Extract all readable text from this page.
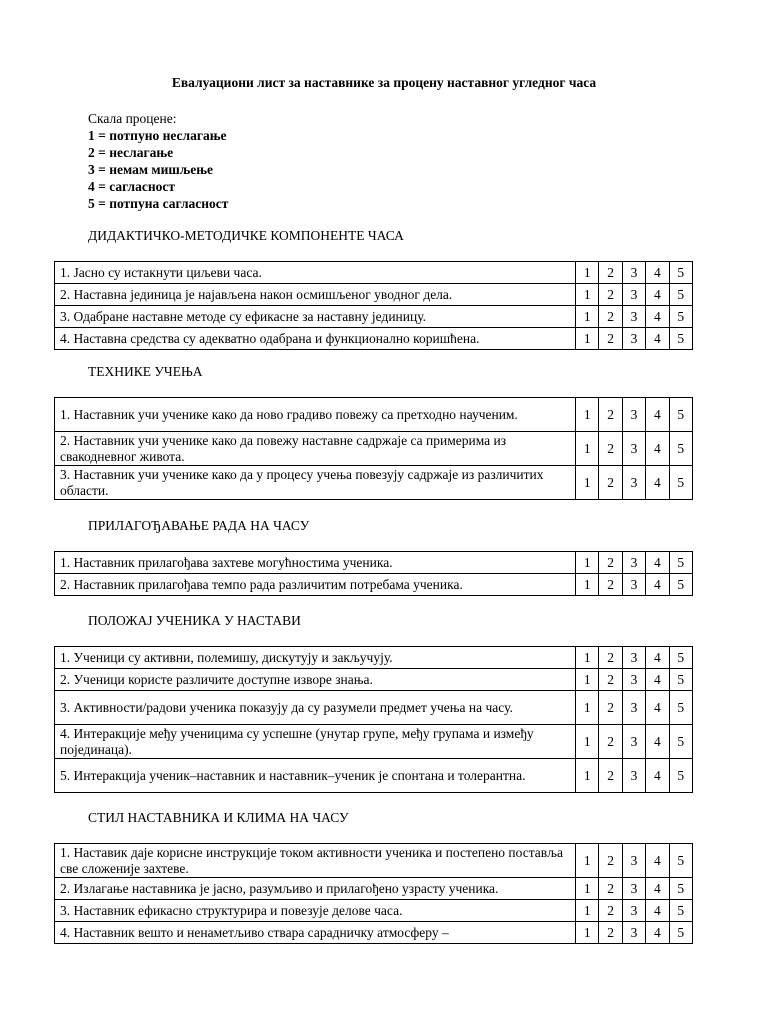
Евалуациони лист за наставнике за процену наставног угледног часа
Скала процене:
1 = потпуно неслагање
2 = неслагање
3 = немам мишљење
4 = сагласност
5 = потпуна сагласност
ДИДАКТИЧКО-МЕТОДИЧКЕ КОМПОНЕНТЕ ЧАСА
1. Јасно су истакнути циљеви часа.	1	2	3	4	5
2. Наставна јединица је најављена након осмишљеног уводног дела.	1	2	3	4	5
3. Одабране наставне методе су ефикасне за наставну јединицу.	1	2	3	4	5
4. Наставна средства су адекватно одабрана и функционално коришћена.	1	2	3	4	5
ТЕХНИКЕ УЧЕЊА
1. Наставник учи ученике како да ново градиво повежу са претходно наученим.	1	2	3	4	5
2. Наставник учи ученике како да повежу наставне садржаје са примерима из свакодневног живота.	1	2	3	4	5
3. Наставник учи ученике како да у процесу учења повезују садржаје из различитих области.	1	2	3	4	5
ПРИЛАГОЂАВАЊЕ РАДА НА ЧАСУ
1. Наставник прилагођава захтеве могућностима ученика.	1	2	3	4	5
2. Наставник прилагођава темпо рада различитим потребама ученика.	1	2	3	4	5
ПОЛОЖАЈ УЧЕНИКА У НАСТАВИ
1. Ученици су активни, полемишу, дискутују и закључују.	1	2	3	4	5
2. Ученици користе различите доступне изворе знања.	1	2	3	4	5
3. Активности/радови ученика показују да су разумели предмет учења на часу.	1	2	3	4	5
4. Интеракције међу ученицима су успешне (унутар групе, међу групама и између појединаца).	1	2	3	4	5
5. Интеракција ученик–наставник и наставник–ученик је спонтана и толерантна.	1	2	3	4	5
СТИЛ НАСТАВНИКА И КЛИМА НА ЧАСУ
1. Наставик даје корисне инструкције током активности ученика и постепено поставља све сложеније захтеве.	1	2	3	4	5
2. Излагање наставника је јасно, разумљиво и прилагођено узрасту ученика.	1	2	3	4	5
3. Наставник ефикасно структурира и повезује делове часа.	1	2	3	4	5
4. Наставник вешто и ненаметљиво ствара сарадничку атмосферу –	1	2	3	4	5
